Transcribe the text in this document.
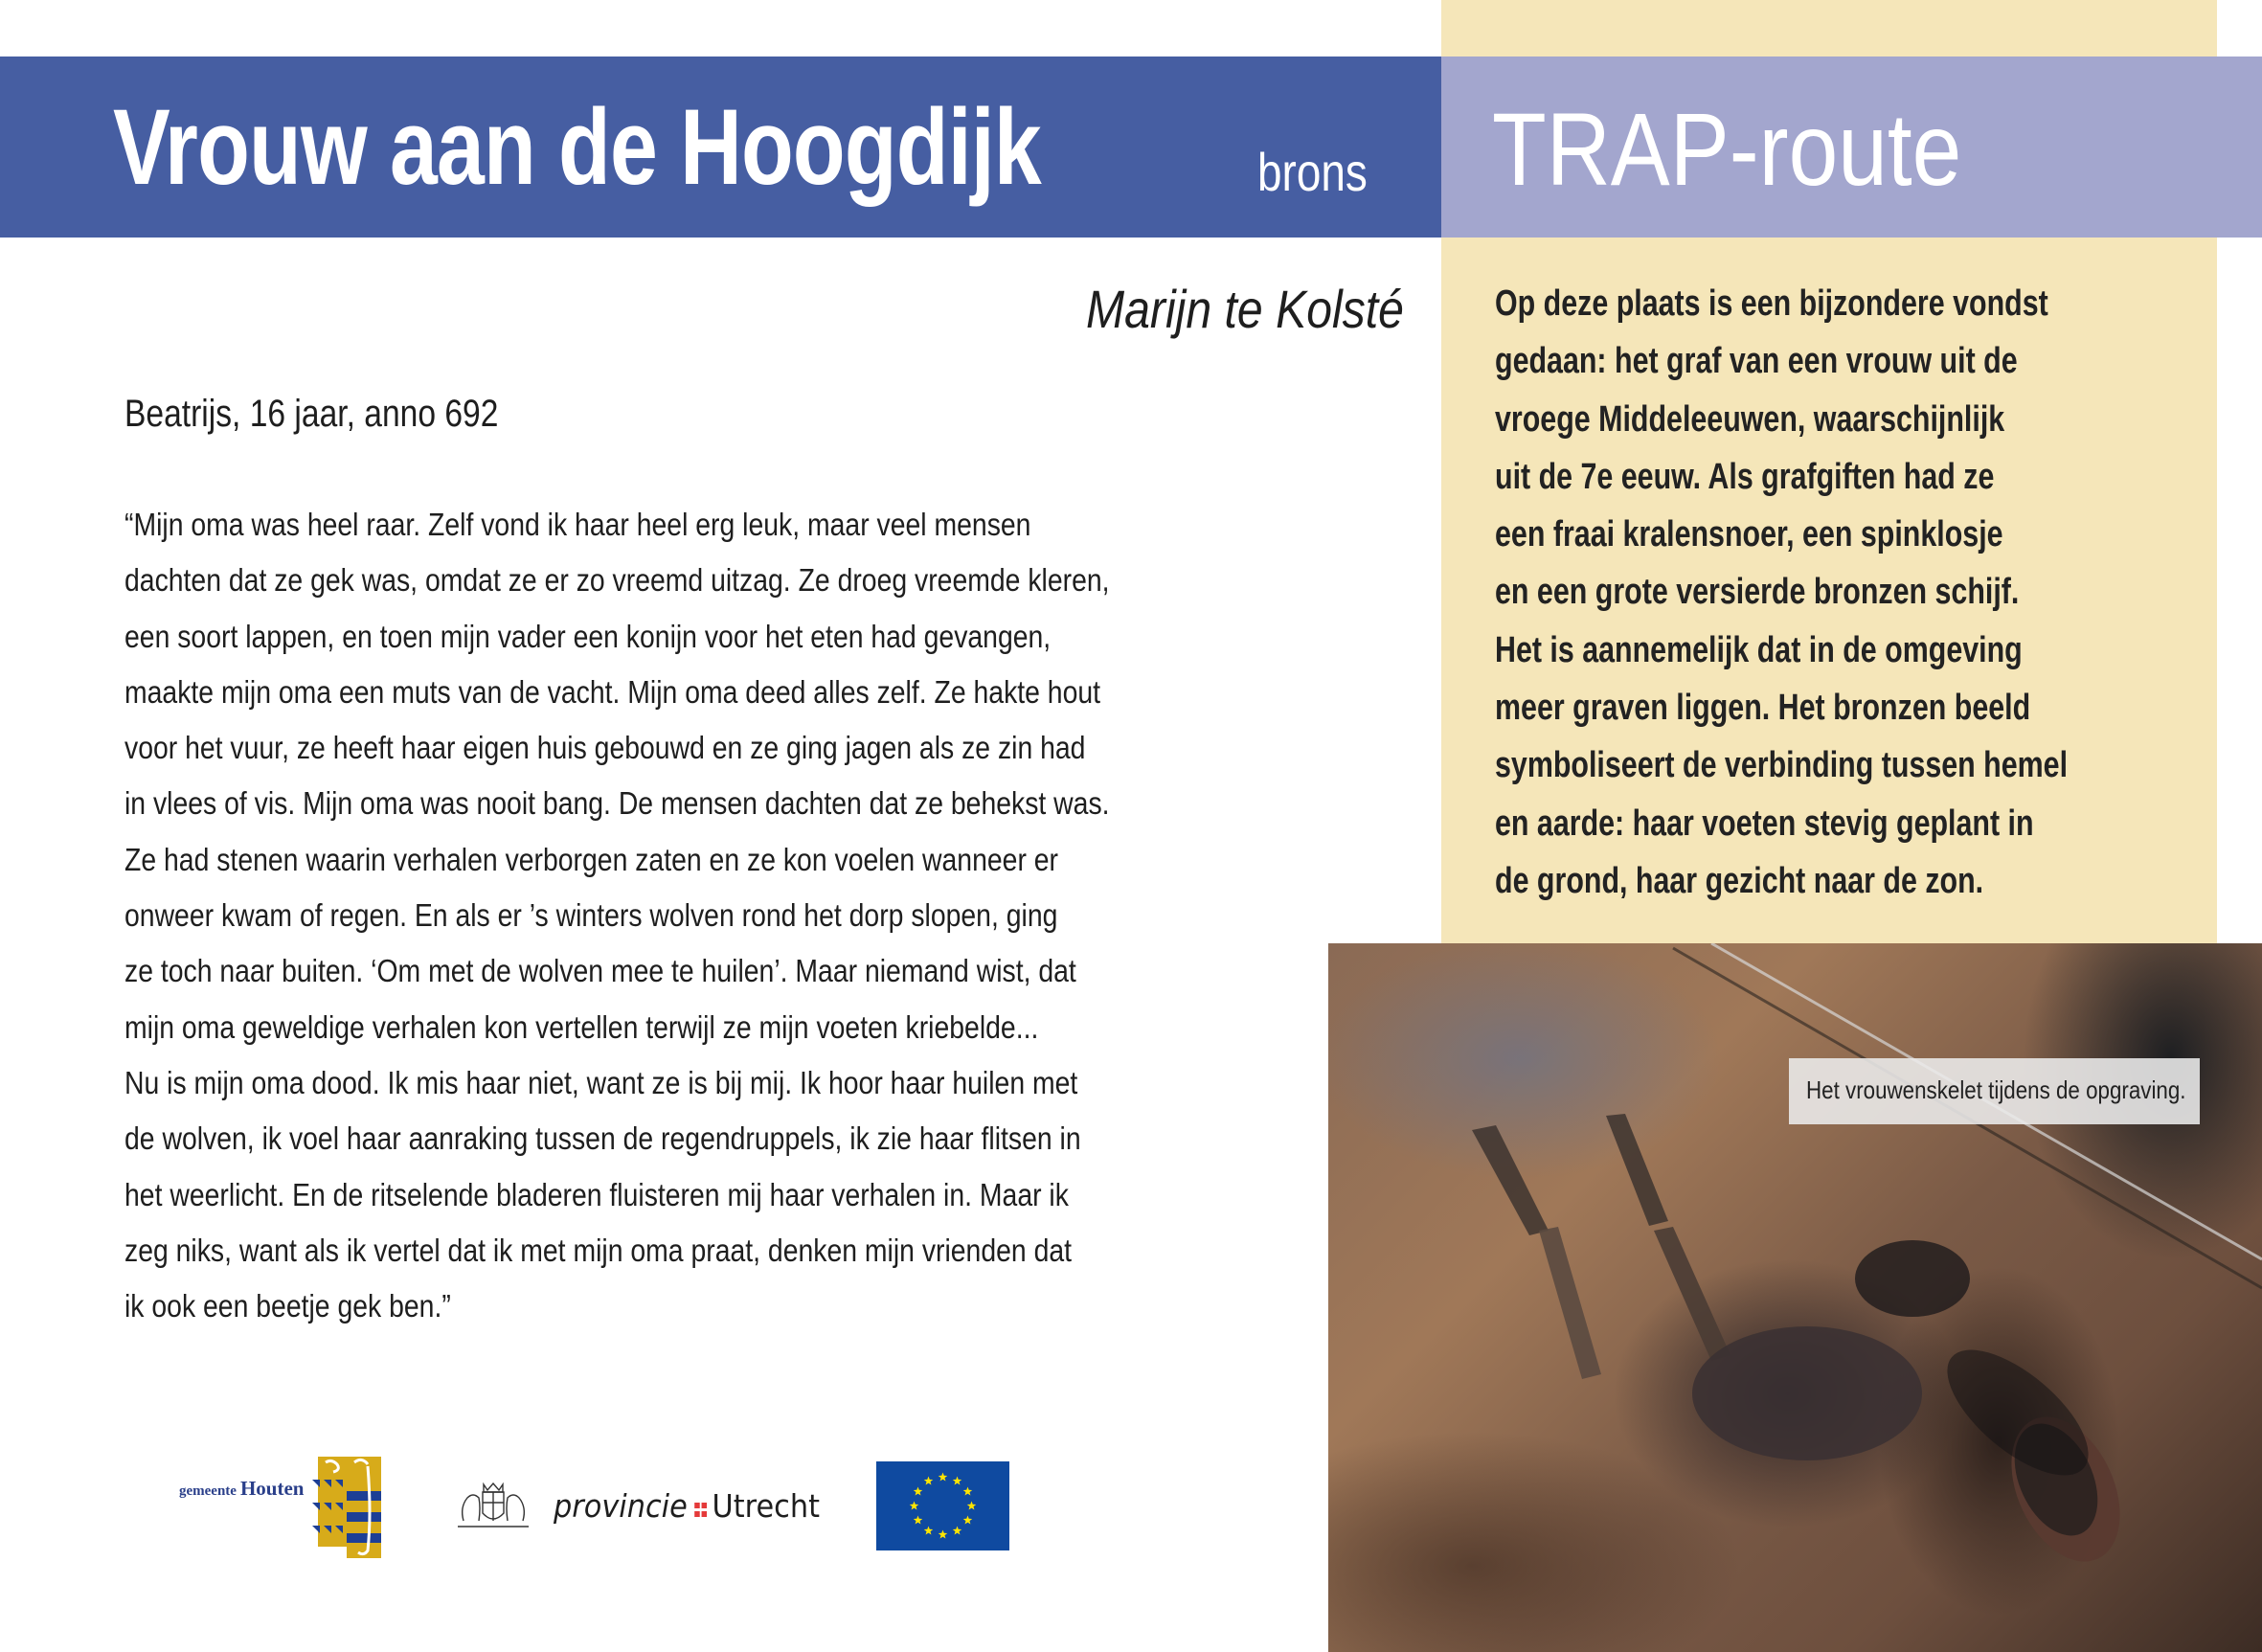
Vrouw aan de Hoogdijk	brons TRAP-route
Marijn te Kolsté
Beatrijs, 16 jaar, anno 692
“Mijn oma was heel raar. Zelf vond ik haar heel erg leuk, maar veel mensen
dachten dat ze gek was, omdat ze er zo vreemd uitzag. Ze droeg vreemde kleren,
een soort lappen, en toen mijn vader een konijn voor het eten had gevangen,
maakte mijn oma een muts van de vacht. Mijn oma deed alles zelf. Ze hakte hout
voor het vuur, ze heeft haar eigen huis gebouwd en ze ging jagen als ze zin had
in vlees of vis. Mijn oma was nooit bang. De mensen dachten dat ze behekst was.
Ze had stenen waarin verhalen verborgen zaten en ze kon voelen wanneer er
onweer kwam of regen. En als er ’s winters wolven rond het dorp slopen, ging
ze toch naar buiten. ‘Om met de wolven mee te huilen’. Maar niemand wist, dat
mijn oma geweldige verhalen kon vertellen terwijl ze mijn voeten kriebelde...
Nu is mijn oma dood. Ik mis haar niet, want ze is bij mij. Ik hoor haar huilen met
de wolven, ik voel haar aanraking tussen de regendruppels, ik zie haar flitsen in
het weerlicht. En de ritselende bladeren fluisteren mij haar verhalen in. Maar ik
zeg niks, want als ik vertel dat ik met mijn oma praat, denken mijn vrienden dat
ik ook een beetje gek ben.”
Op deze plaats is een bijzondere vondst
gedaan: het graf van een vrouw uit de
vroege Middeleeuwen, waarschijnlijk
uit de 7e eeuw. Als grafgiften had ze
een fraai kralensnoer, een spinklosje
en een grote versierde bronzen schijf.
Het is aannemelijk dat in de omgeving
meer graven liggen. Het bronzen beeld
symboliseert de verbinding tussen hemel
en aarde: haar voeten stevig geplant in
de grond, haar gezicht naar de zon.
Het vrouwenskelet tijdens de opgraving.
gemeente Houten	provincie Utrecht
